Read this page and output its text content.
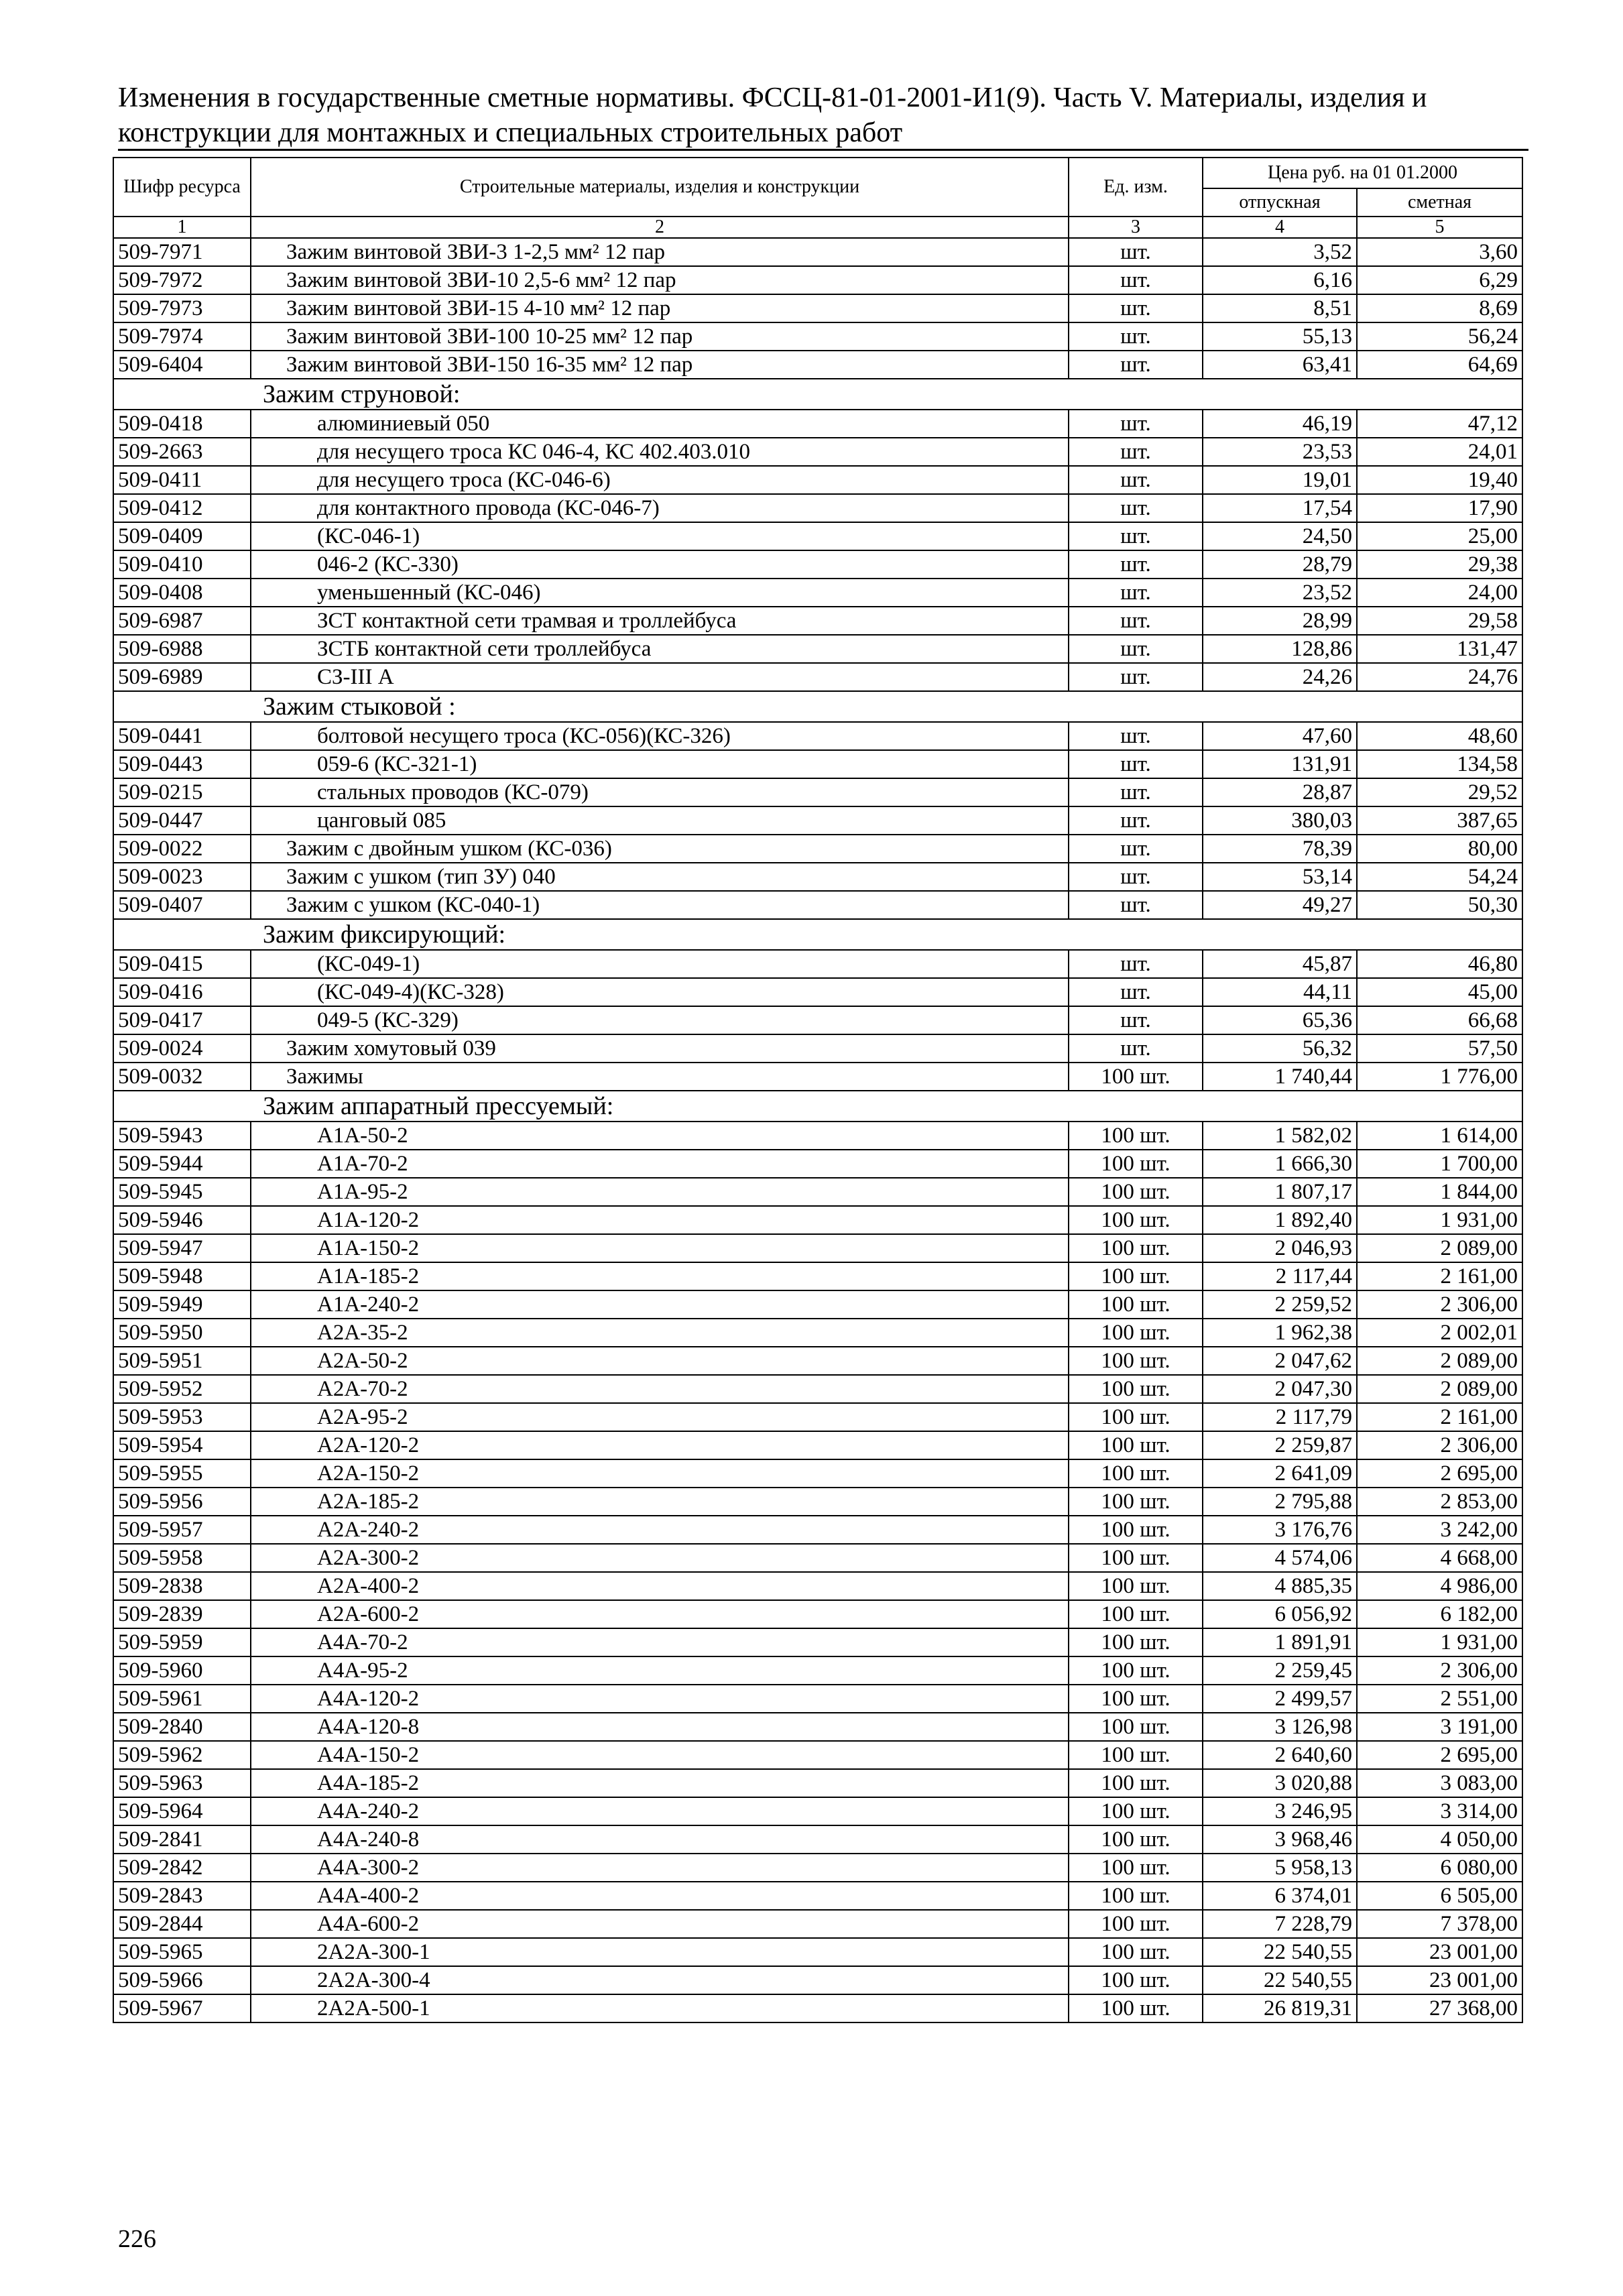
Изменения в государственные сметные нормативы. ФССЦ-81-01-2001-И1(9). Часть V. Материалы, изделия и
конструкции для монтажных и специальных строительных работ
Шифр ресурса	Строительные материалы, изделия и конструкции	Ед. изм.	Цена руб. на 01 01.2000	
			отпускная	сметная
1	2	3	4	5
509-7971	Зажим винтовой ЗВИ-3 1-2,5 мм² 12 пар	шт.	3,52	3,60
509-7972	Зажим винтовой ЗВИ-10 2,5-6 мм² 12 пар	шт.	6,16	6,29
509-7973	Зажим винтовой ЗВИ-15 4-10 мм² 12 пар	шт.	8,51	8,69
509-7974	Зажим винтовой ЗВИ-100 10-25 мм² 12 пар	шт.	55,13	56,24
509-6404	Зажим винтовой ЗВИ-150 16-35 мм² 12 пар	шт.	63,41	64,69
Зажим струновой:				
509-0418	алюминиевый 050	шт.	46,19	47,12
509-2663	для несущего троса КС 046-4, КС 402.403.010	шт.	23,53	24,01
509-0411	для несущего троса (КС-046-6)	шт.	19,01	19,40
509-0412	для контактного провода (КС-046-7)	шт.	17,54	17,90
509-0409	(КС-046-1)	шт.	24,50	25,00
509-0410	046-2 (КС-330)	шт.	28,79	29,38
509-0408	уменьшенный (КС-046)	шт.	23,52	24,00
509-6987	ЗСТ контактной сети трамвая и троллейбуса	шт.	28,99	29,58
509-6988	ЗСТБ контактной сети троллейбуса	шт.	128,86	131,47
509-6989	СЗ-III А	шт.	24,26	24,76
Зажим стыковой :				
509-0441	болтовой несущего троса (КС-056)(КС-326)	шт.	47,60	48,60
509-0443	059-6 (КС-321-1)	шт.	131,91	134,58
509-0215	стальных проводов (КС-079)	шт.	28,87	29,52
509-0447	цанговый 085	шт.	380,03	387,65
509-0022	Зажим с двойным ушком (КС-036)	шт.	78,39	80,00
509-0023	Зажим с ушком (тип ЗУ) 040	шт.	53,14	54,24
509-0407	Зажим с ушком (КС-040-1)	шт.	49,27	50,30
Зажим фиксирующий:				
509-0415	(КС-049-1)	шт.	45,87	46,80
509-0416	(КС-049-4)(КС-328)	шт.	44,11	45,00
509-0417	049-5 (КС-329)	шт.	65,36	66,68
509-0024	Зажим хомутовый 039	шт.	56,32	57,50
509-0032	Зажимы	100 шт.	1 740,44	1 776,00
Зажим аппаратный прессуемый:				
509-5943	А1А-50-2	100 шт.	1 582,02	1 614,00
509-5944	А1А-70-2	100 шт.	1 666,30	1 700,00
509-5945	А1А-95-2	100 шт.	1 807,17	1 844,00
509-5946	А1А-120-2	100 шт.	1 892,40	1 931,00
509-5947	А1А-150-2	100 шт.	2 046,93	2 089,00
509-5948	А1А-185-2	100 шт.	2 117,44	2 161,00
509-5949	А1А-240-2	100 шт.	2 259,52	2 306,00
509-5950	А2А-35-2	100 шт.	1 962,38	2 002,01
509-5951	А2А-50-2	100 шт.	2 047,62	2 089,00
509-5952	А2А-70-2	100 шт.	2 047,30	2 089,00
509-5953	А2А-95-2	100 шт.	2 117,79	2 161,00
509-5954	А2А-120-2	100 шт.	2 259,87	2 306,00
509-5955	А2А-150-2	100 шт.	2 641,09	2 695,00
509-5956	А2А-185-2	100 шт.	2 795,88	2 853,00
509-5957	А2А-240-2	100 шт.	3 176,76	3 242,00
509-5958	А2А-300-2	100 шт.	4 574,06	4 668,00
509-2838	А2А-400-2	100 шт.	4 885,35	4 986,00
509-2839	А2А-600-2	100 шт.	6 056,92	6 182,00
509-5959	А4А-70-2	100 шт.	1 891,91	1 931,00
509-5960	А4А-95-2	100 шт.	2 259,45	2 306,00
509-5961	А4А-120-2	100 шт.	2 499,57	2 551,00
509-2840	А4А-120-8	100 шт.	3 126,98	3 191,00
509-5962	А4А-150-2	100 шт.	2 640,60	2 695,00
509-5963	А4А-185-2	100 шт.	3 020,88	3 083,00
509-5964	А4А-240-2	100 шт.	3 246,95	3 314,00
509-2841	А4А-240-8	100 шт.	3 968,46	4 050,00
509-2842	А4А-300-2	100 шт.	5 958,13	6 080,00
509-2843	А4А-400-2	100 шт.	6 374,01	6 505,00
509-2844	А4А-600-2	100 шт.	7 228,79	7 378,00
509-5965	2А2А-300-1	100 шт.	22 540,55	23 001,00
509-5966	2А2А-300-4	100 шт.	22 540,55	23 001,00
509-5967	2А2А-500-1	100 шт.	26 819,31	27 368,00
226
